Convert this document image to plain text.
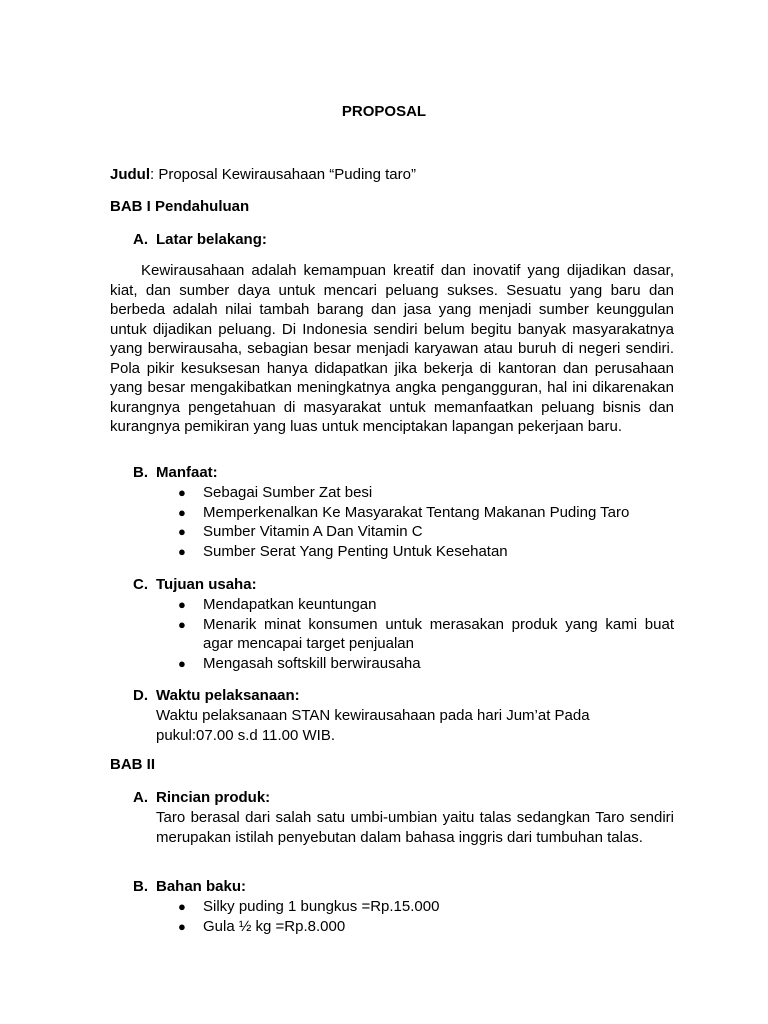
PROPOSAL

Judul: Proposal Kewirausahaan “Puding taro”

BAB I Pendahuluan

A. Latar belakang:

Kewirausahaan adalah kemampuan kreatif dan inovatif yang dijadikan dasar, kiat, dan sumber daya untuk mencari peluang sukses. Sesuatu yang baru dan berbeda adalah nilai tambah barang dan jasa yang menjadi sumber keunggulan untuk dijadikan peluang. Di Indonesia sendiri belum begitu banyak masyarakatnya yang berwirausaha, sebagian besar menjadi karyawan atau buruh di negeri sendiri. Pola pikir kesuksesan hanya didapatkan jika bekerja di kantoran dan perusahaan yang besar mengakibatkan meningkatnya angka pengangguran, hal ini dikarenakan kurangnya pengetahuan di masyarakat untuk memanfaatkan peluang bisnis dan kurangnya pemikiran yang luas untuk menciptakan lapangan pekerjaan baru.

B. Manfaat:

● Sebagai Sumber Zat besi
● Memperkenalkan Ke Masyarakat Tentang Makanan Puding Taro
● Sumber Vitamin A Dan Vitamin C
● Sumber Serat Yang Penting Untuk Kesehatan

C. Tujuan usaha:

● Mendapatkan keuntungan
● Menarik minat konsumen untuk merasakan produk yang kami buat agar mencapai target penjualan
● Mengasah softskill berwirausaha

D. Waktu pelaksanaan:

Waktu pelaksanaan STAN kewirausahaan pada hari Jum’at Pada

pukul:07.00 s.d 11.00 WIB.

BAB II

A. Rincian produk:

Taro berasal dari salah satu umbi-umbian yaitu talas sedangkan Taro sendiri merupakan istilah penyebutan dalam bahasa inggris dari tumbuhan talas.

B. Bahan baku:

● Silky puding 1 bungkus =Rp.15.000
● Gula ½ kg =Rp.8.000
